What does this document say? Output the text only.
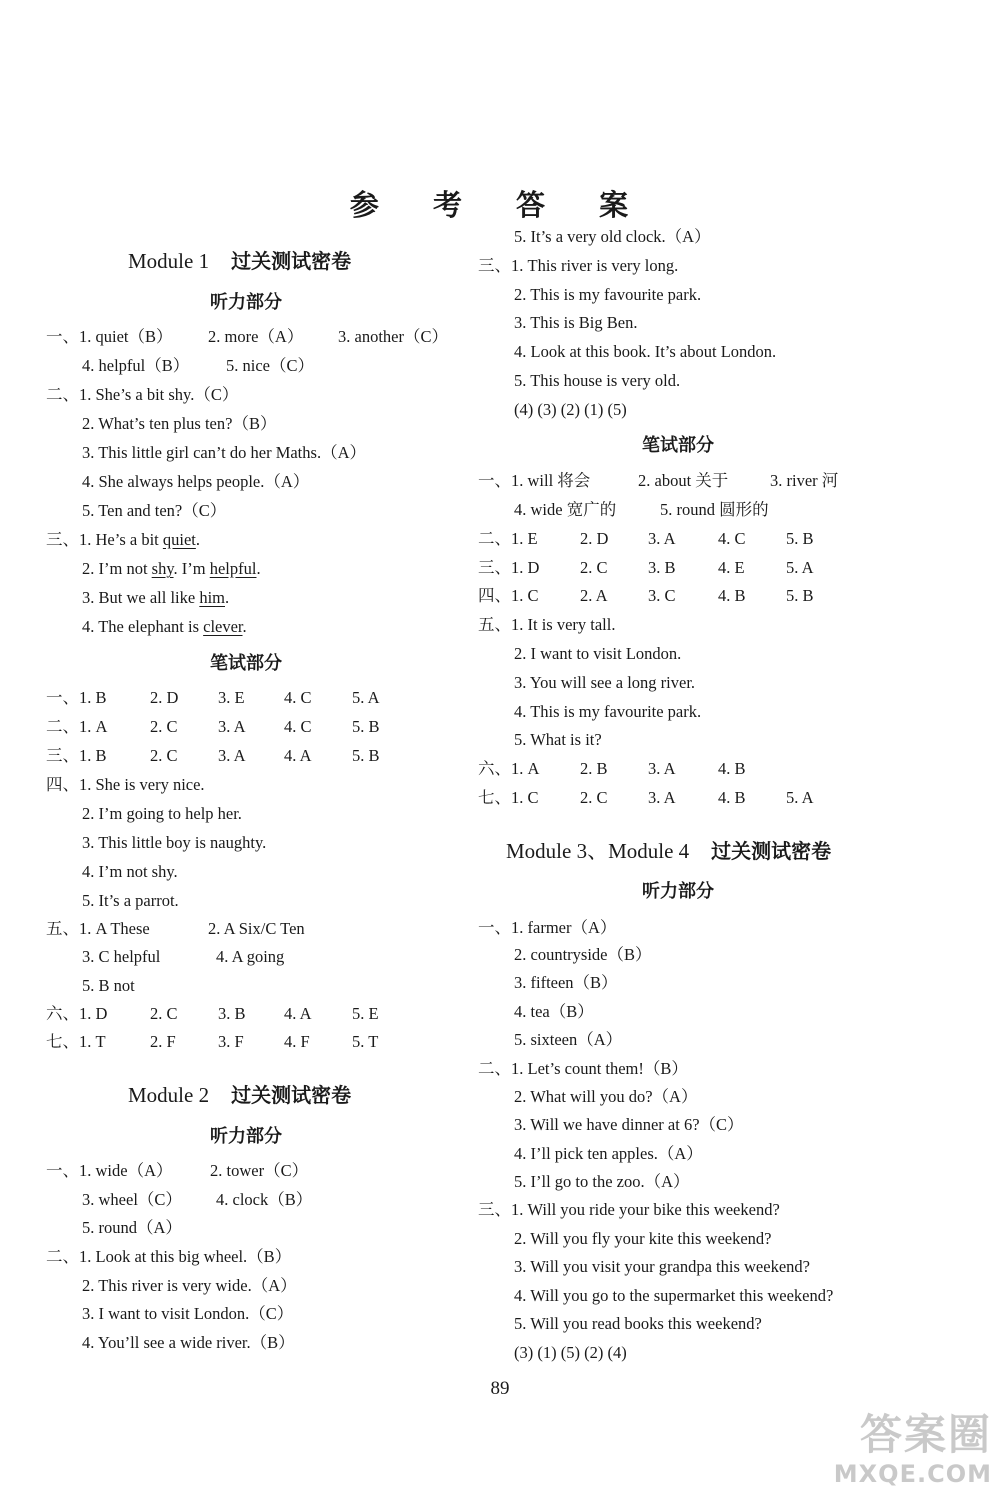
参 考 答 案
Module 1 过关测试密卷
听力部分
一、1. quiet（B） 2. more（A） 3. another（C）
4. helpful（B） 5. nice（C）
二、1. She’s a bit shy.（C）
2. What’s ten plus ten?（B）
3. This little girl can’t do her Maths.（A）
4. She always helps people.（A）
5. Ten and ten?（C）
三、1. He’s a bit quiet.
2. I’m not shy. I’m helpful.
3. But we all like him.
4. The elephant is clever.
笔试部分
一、1. B	2. D 3. E 4. C 5. A
二、1. A	2. C 3. A 4. C 5. B
三、1. B	2. C 3. A 4. A 5. B
四、1. She is very nice.
2. I’m going to help her.
3. This little boy is naughty.
4. I’m not shy.
5. It’s a parrot.
五、1. A These	2. A Six/C Ten
3. C helpful	4. A going
5. B not
六、1. D	2. C 3. B 4. A 5. E
七、1. T	2. F	3. F 4. F	5. T
Module 2 过关测试密卷
听力部分
一、1. wide（A） 2. tower（C）
3. wheel（C） 4. clock（B）
5. round（A）
二、1. Look at this big wheel.（B）
2. This river is very wide.（A）
3. I want to visit London.（C）
4. You’ll see a wide river.（B）
5. It’s a very old clock.（A）
三、1. This river is very long.
2. This is my favourite park.
3. This is Big Ben.
4. Look at this book. It’s about London.
5. This house is very old.
(4) (3) (2) (1) (5)
笔试部分
一、1. will 将会	2. about 关于	3. river 河
4. wide 宽广的	5. round 圆形的
二、1. E	2. D 3. A	4. C 5. B
三、1. D 2. C 3. B	4. E	5. A
四、1. C	2. A 3. C	4. B 5. B
五、1. It is very tall.
2. I want to visit London.
3. You will see a long river.
4. This is my favourite park.
5. What is it?
六、1. A 2. B 3. A	4. B
七、1. C	2. C 3. A	4. B 5. A
Module 3、Module 4 过关测试密卷
听力部分
一、1. farmer（A）
2. countryside（B）
3. fifteen（B）
4. tea（B）
5. sixteen（A）
二、1. Let’s count them!（B）
2. What will you do?（A）
3. Will we have dinner at 6?（C）
4. I’ll pick ten apples.（A）
5. I’ll go to the zoo.（A）
三、1. Will you ride your bike this weekend?
2. Will you fly your kite this weekend?
3. Will you visit your grandpa this weekend?
4. Will you go to the supermarket this weekend?
5. Will you read books this weekend?
(3) (1) (5) (2) (4)
89
答案圈
MXQE.COM
